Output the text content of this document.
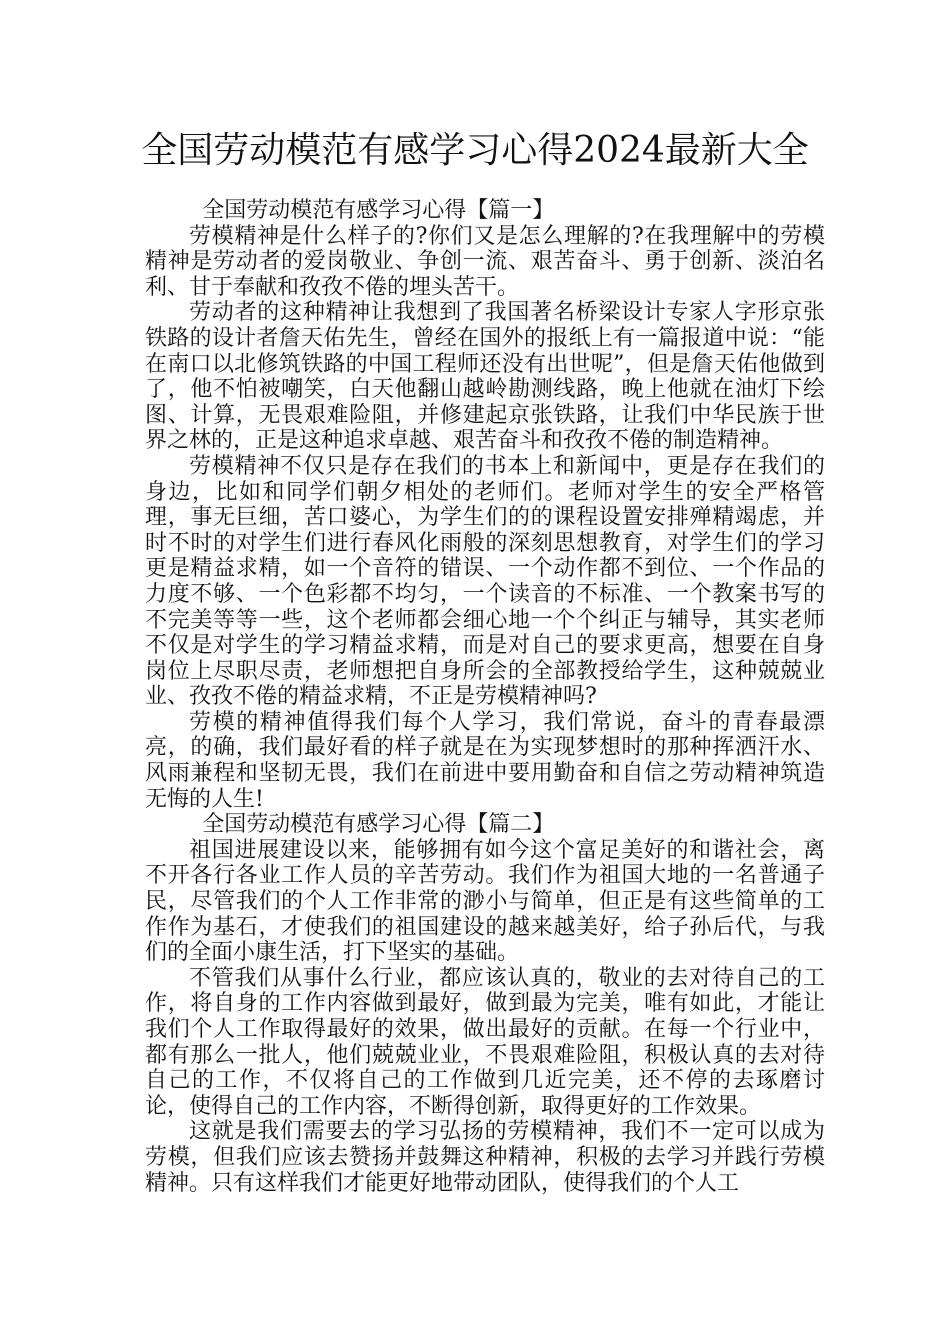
全国劳动模范有感学习心得2024最新大全

全国劳动模范有感学习心得【篇一】

劳模精神是什么样子的?你们又是怎么理解的?在我理解中的劳模精神是劳动者的爱岗敬业、争创一流、艰苦奋斗、勇于创新、淡泊名利、甘于奉献和孜孜不倦的埋头苦干。

劳动者的这种精神让我想到了我国著名桥梁设计专家人字形京张铁路的设计者詹天佑先生，曾经在国外的报纸上有一篇报道中说：“能在南口以北修筑铁路的中国工程师还没有出世呢”，但是詹天佑他做到了，他不怕被嘲笑，白天他翻山越岭勘测线路，晚上他就在油灯下绘图、计算，无畏艰难险阻，并修建起京张铁路，让我们中华民族于世界之林的，正是这种追求卓越、艰苦奋斗和孜孜不倦的制造精神。

劳模精神不仅只是存在我们的书本上和新闻中，更是存在我们的身边，比如和同学们朝夕相处的老师们。老师对学生的安全严格管理，事无巨细，苦口婆心，为学生们的的课程设置安排殚精竭虑，并时不时的对学生们进行春风化雨般的深刻思想教育，对学生们的学习更是精益求精，如一个音符的错误、一个动作都不到位、一个作品的力度不够、一个色彩都不均匀，一个读音的不标准、一个教案书写的不完美等等一些，这个老师都会细心地一个个纠正与辅导，其实老师不仅是对学生的学习精益求精，而是对自己的要求更高，想要在自身岗位上尽职尽责，老师想把自身所会的全部教授给学生，这种兢兢业业、孜孜不倦的精益求精，不正是劳模精神吗?

劳模的精神值得我们每个人学习，我们常说，奋斗的青春最漂亮，的确，我们最好看的样子就是在为实现梦想时的那种挥洒汗水、风雨兼程和坚韧无畏，我们在前进中要用勤奋和自信之劳动精神筑造无悔的人生!

全国劳动模范有感学习心得【篇二】

祖国进展建设以来，能够拥有如今这个富足美好的和谐社会，离不开各行各业工作人员的辛苦劳动。我们作为祖国大地的一名普通子民，尽管我们的个人工作非常的渺小与简单，但正是有这些简单的工作作为基石，才使我们的祖国建设的越来越美好，给子孙后代，与我们的全面小康生活，打下坚实的基础。

不管我们从事什么行业，都应该认真的，敬业的去对待自己的工作，将自身的工作内容做到最好，做到最为完美，唯有如此，才能让我们个人工作取得最好的效果，做出最好的贡献。在每一个行业中，都有那么一批人，他们兢兢业业，不畏艰难险阻，积极认真的去对待自己的工作，不仅将自己的工作做到几近完美，还不停的去琢磨讨论，使得自己的工作内容，不断得创新，取得更好的工作效果。

这就是我们需要去的学习弘扬的劳模精神，我们不一定可以成为劳模，但我们应该去赞扬并鼓舞这种精神，积极的去学习并践行劳模精神。只有这样我们才能更好地带动团队，使得我们的个人工
